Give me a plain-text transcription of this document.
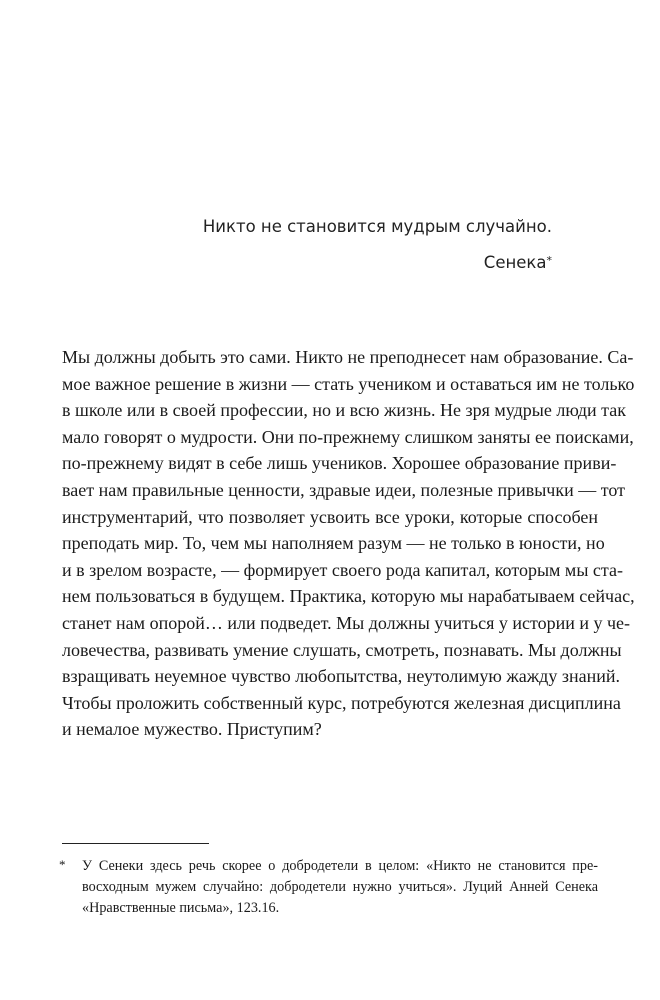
Никто не становится мудрым случайно.
Сенека*
Мы должны добыть это сами. Никто не преподнесет нам образование. Са-
мое важное решение в жизни — стать учеником и оставаться им не только
в школе или в своей профессии, но и всю жизнь. Не зря мудрые люди так
мало говорят о мудрости. Они по-прежнему слишком заняты ее поисками,
по-прежнему видят в себе лишь учеников. Хорошее образование приви-
вает нам правильные ценности, здравые идеи, полезные привычки — тот
инструментарий, что позволяет усвоить все уроки, которые способен
преподать мир. То, чем мы наполняем разум — не только в юности, но
и в зрелом возрасте, — формирует своего рода капитал, которым мы ста-
нем пользоваться в будущем. Практика, которую мы нарабатываем сейчас,
станет нам опорой… или подведет. Мы должны учиться у истории и у че-
ловечества, развивать умение слушать, смотреть, познавать. Мы должны
взращивать неуемное чувство любопытства, неутолимую жажду знаний.
Чтобы проложить собственный курс, потребуются железная дисциплина
и немалое мужество. Приступим?
*	У Сенеки здесь речь скорее о добродетели в целом: «Никто не становится пре-
восходным мужем случайно: добродетели нужно учиться». Луций Анней Сенека
«Нравственные письма», 123.16.
